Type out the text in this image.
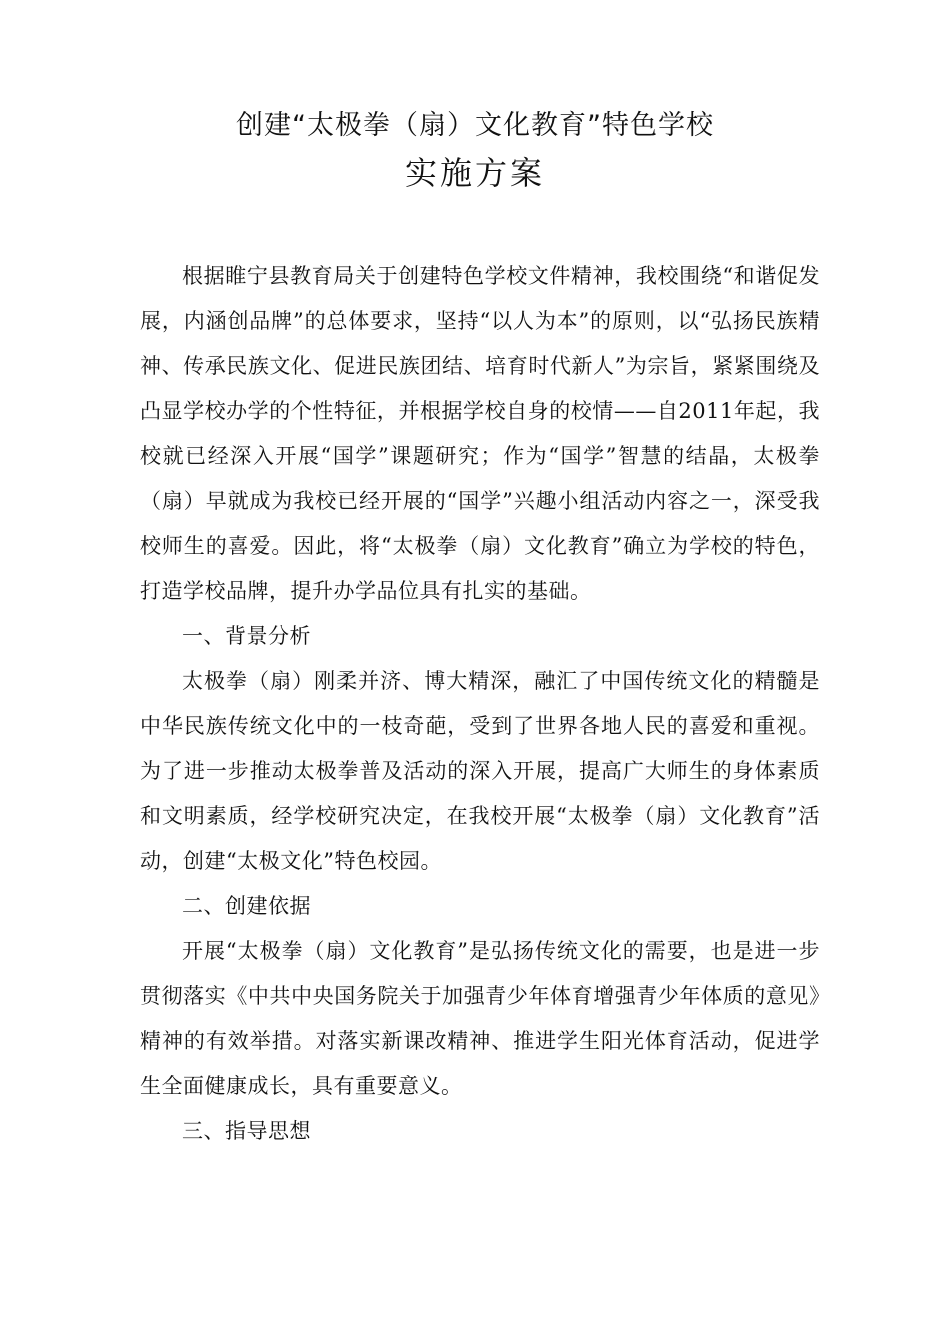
创建“太极拳（扇）文化教育”特色学校
实施方案

根据睢宁县教育局关于创建特色学校文件精神，我校围绕“和谐促发展，内涵创品牌”的总体要求，坚持“以人为本”的原则，以“弘扬民族精神、传承民族文化、促进民族团结、培育时代新人”为宗旨，紧紧围绕及凸显学校办学的个性特征，并根据学校自身的校情——自2011年起，我校就已经深入开展“国学”课题研究；作为“国学”智慧的结晶，太极拳（扇）早就成为我校已经开展的“国学”兴趣小组活动内容之一，深受我校师生的喜爱。因此，将“太极拳（扇）文化教育”确立为学校的特色，打造学校品牌，提升办学品位具有扎实的基础。

一、背景分析

太极拳（扇）刚柔并济、博大精深，融汇了中国传统文化的精髓是中华民族传统文化中的一枝奇葩，受到了世界各地人民的喜爱和重视。为了进一步推动太极拳普及活动的深入开展，提高广大师生的身体素质和文明素质，经学校研究决定，在我校开展“太极拳（扇）文化教育”活动，创建“太极文化”特色校园。

二、创建依据

开展“太极拳（扇）文化教育”是弘扬传统文化的需要，也是进一步贯彻落实《中共中央国务院关于加强青少年体育增强青少年体质的意见》精神的有效举措。对落实新课改精神、推进学生阳光体育活动，促进学生全面健康成长，具有重要意义。

三、指导思想
